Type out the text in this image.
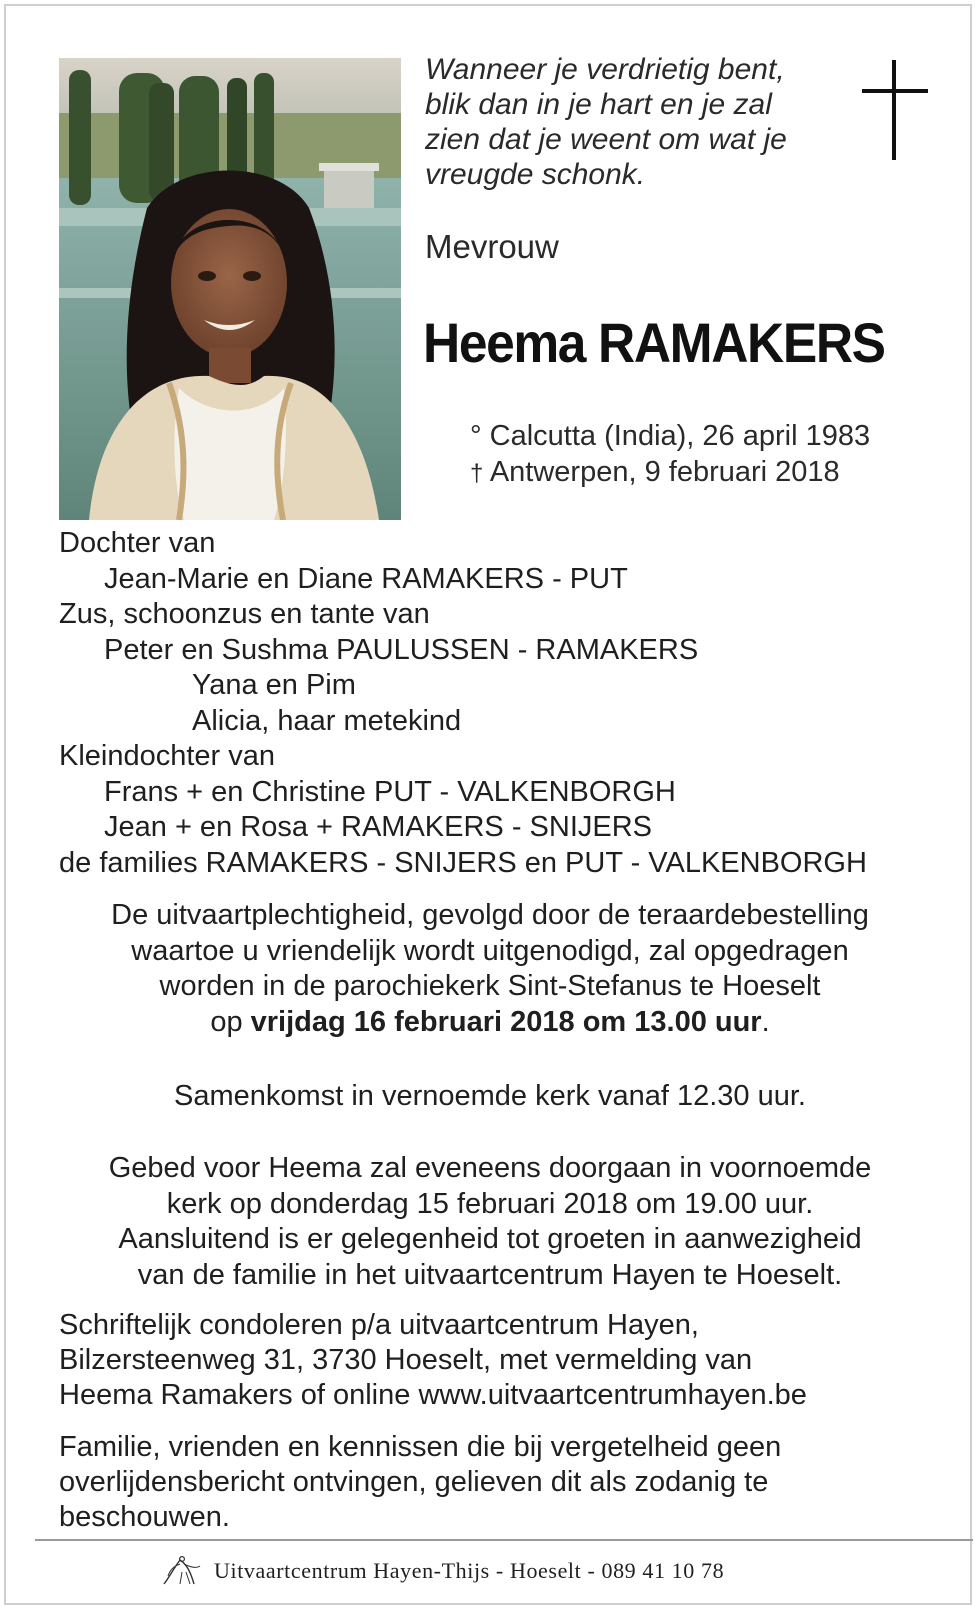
Wanneer je verdrietig bent,
blik dan in je hart en je zal
zien dat je weent om wat je
vreugde schonk.
Mevrouw
Heema RAMAKERS
° Calcutta (India), 26 april 1983
† Antwerpen, 9 februari 2018
Dochter van
Jean-Marie en Diane RAMAKERS - PUT
Zus, schoonzus en tante van
Peter en Sushma PAULUSSEN - RAMAKERS
Yana en Pim
Alicia, haar metekind
Kleindochter van
Frans + en Christine PUT - VALKENBORGH
Jean + en Rosa + RAMAKERS - SNIJERS
de families RAMAKERS - SNIJERS en PUT - VALKENBORGH
De uitvaartplechtigheid, gevolgd door de teraardebestelling
waartoe u vriendelijk wordt uitgenodigd, zal opgedragen
worden in de parochiekerk Sint-Stefanus te Hoeselt
op vrijdag 16 februari 2018 om 13.00 uur.
Samenkomst in vernoemde kerk vanaf 12.30 uur.
Gebed voor Heema zal eveneens doorgaan in voornoemde
kerk op donderdag 15 februari 2018 om 19.00 uur.
Aansluitend is er gelegenheid tot groeten in aanwezigheid
van de familie in het uitvaartcentrum Hayen te Hoeselt.
Schriftelijk condoleren p/a uitvaartcentrum Hayen,
Bilzersteenweg 31, 3730 Hoeselt, met vermelding van
Heema Ramakers of online www.uitvaartcentrumhayen.be
Familie, vrienden en kennissen die bij vergetelheid geen
overlijdensbericht ontvingen, gelieven dit als zodanig te
beschouwen.
Uitvaartcentrum Hayen-Thijs - Hoeselt - 089 41 10 78
